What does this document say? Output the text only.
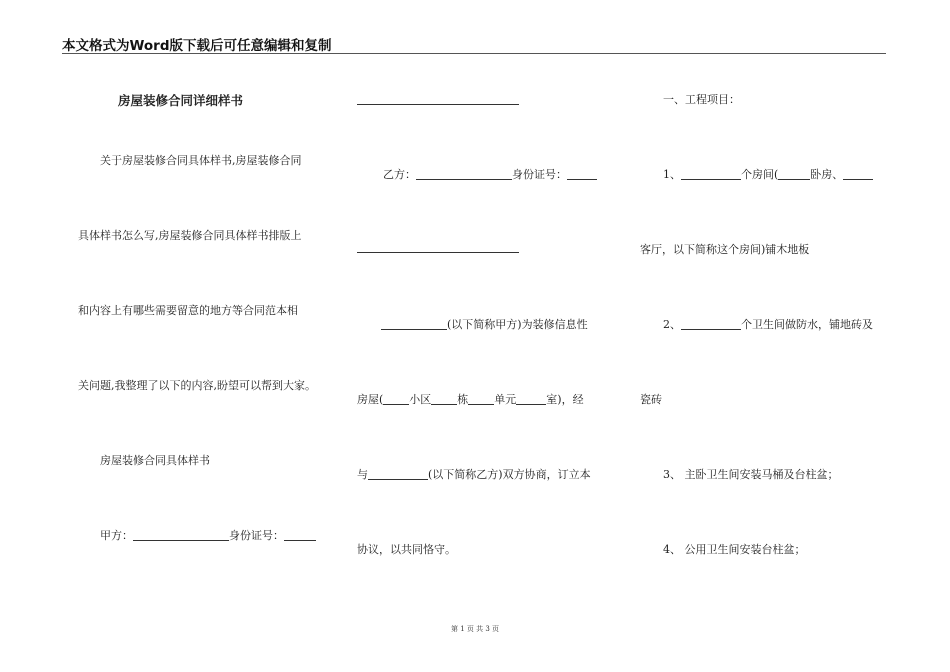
本文格式为Word版下载后可任意编辑和复制
房屋装修合同详细样书
关于房屋装修合同具体样书,房屋装修合同
具体样书怎么写,房屋装修合同具体样书排版上
和内容上有哪些需要留意的地方等合同范本相
关问题,我整理了以下的内容,盼望可以帮到大家。
房屋装修合同具体样书
甲方：	身份证号：
乙方：	身份证号：
(以下简称甲方)为装修信息性
房屋( 小区 栋 单元	室)，经
与	(以下简称乙方)双方协商，订立本
协议，以共同恪守。
一、工程项目：
1、	个房间(	卧房、
客厅，以下简称这个房间)铺木地板
2、	个卫生间做防水，铺地砖及
瓷砖
3、 主卧卫生间安装马桶及台柱盆；
4、 公用卫生间安装台柱盆；
第 1 页 共 3 页
